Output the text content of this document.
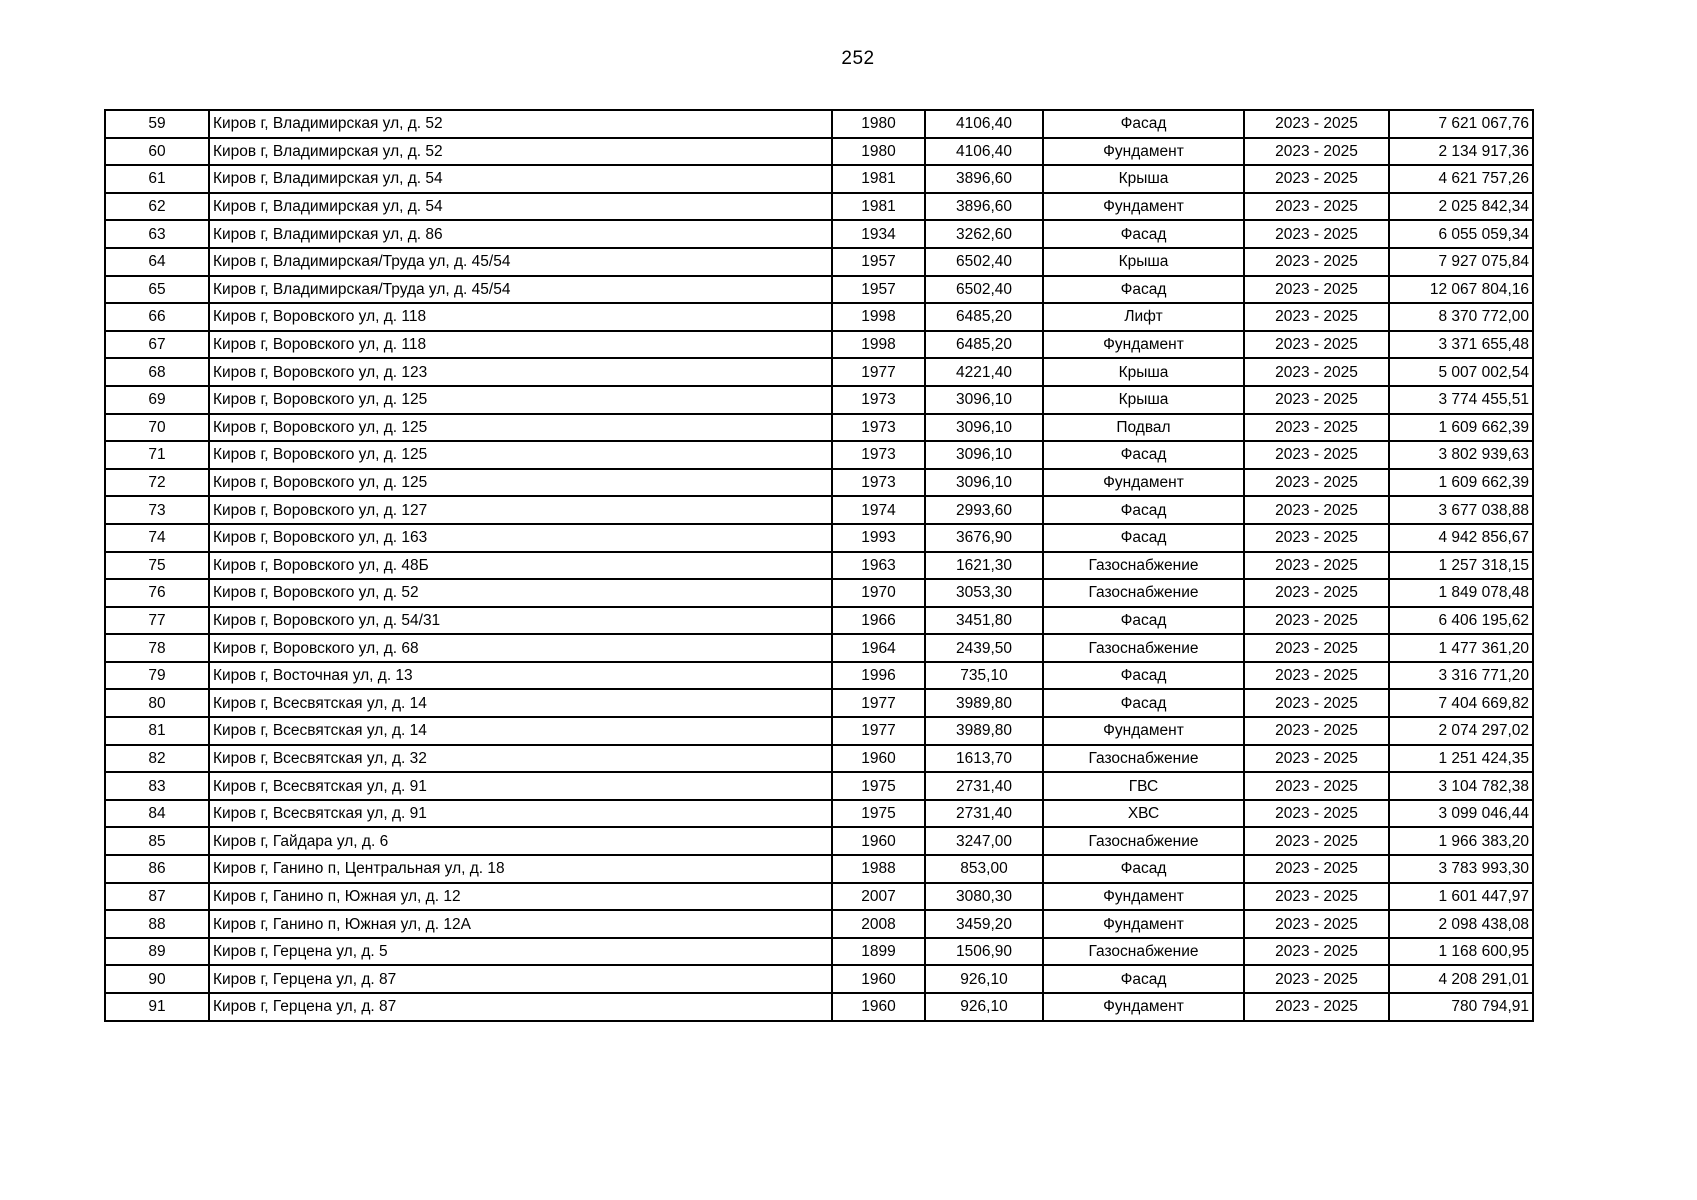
252
59	Киров г, Владимирская ул, д. 52	1980	4106,40	Фасад	2023 - 2025	7 621 067,76
60	Киров г, Владимирская ул, д. 52	1980	4106,40	Фундамент	2023 - 2025	2 134 917,36
61	Киров г, Владимирская ул, д. 54	1981	3896,60	Крыша	2023 - 2025	4 621 757,26
62	Киров г, Владимирская ул, д. 54	1981	3896,60	Фундамент	2023 - 2025	2 025 842,34
63	Киров г, Владимирская ул, д. 86	1934	3262,60	Фасад	2023 - 2025	6 055 059,34
64	Киров г, Владимирская/Труда ул, д. 45/54	1957	6502,40	Крыша	2023 - 2025	7 927 075,84
65	Киров г, Владимирская/Труда ул, д. 45/54	1957	6502,40	Фасад	2023 - 2025	12 067 804,16
66	Киров г, Воровского ул, д. 118	1998	6485,20	Лифт	2023 - 2025	8 370 772,00
67	Киров г, Воровского ул, д. 118	1998	6485,20	Фундамент	2023 - 2025	3 371 655,48
68	Киров г, Воровского ул, д. 123	1977	4221,40	Крыша	2023 - 2025	5 007 002,54
69	Киров г, Воровского ул, д. 125	1973	3096,10	Крыша	2023 - 2025	3 774 455,51
70	Киров г, Воровского ул, д. 125	1973	3096,10	Подвал	2023 - 2025	1 609 662,39
71	Киров г, Воровского ул, д. 125	1973	3096,10	Фасад	2023 - 2025	3 802 939,63
72	Киров г, Воровского ул, д. 125	1973	3096,10	Фундамент	2023 - 2025	1 609 662,39
73	Киров г, Воровского ул, д. 127	1974	2993,60	Фасад	2023 - 2025	3 677 038,88
74	Киров г, Воровского ул, д. 163	1993	3676,90	Фасад	2023 - 2025	4 942 856,67
75	Киров г, Воровского ул, д. 48Б	1963	1621,30	Газоснабжение	2023 - 2025	1 257 318,15
76	Киров г, Воровского ул, д. 52	1970	3053,30	Газоснабжение	2023 - 2025	1 849 078,48
77	Киров г, Воровского ул, д. 54/31	1966	3451,80	Фасад	2023 - 2025	6 406 195,62
78	Киров г, Воровского ул, д. 68	1964	2439,50	Газоснабжение	2023 - 2025	1 477 361,20
79	Киров г, Восточная ул, д. 13	1996	735,10	Фасад	2023 - 2025	3 316 771,20
80	Киров г, Всесвятская ул, д. 14	1977	3989,80	Фасад	2023 - 2025	7 404 669,82
81	Киров г, Всесвятская ул, д. 14	1977	3989,80	Фундамент	2023 - 2025	2 074 297,02
82	Киров г, Всесвятская ул, д. 32	1960	1613,70	Газоснабжение	2023 - 2025	1 251 424,35
83	Киров г, Всесвятская ул, д. 91	1975	2731,40	ГВС	2023 - 2025	3 104 782,38
84	Киров г, Всесвятская ул, д. 91	1975	2731,40	ХВС	2023 - 2025	3 099 046,44
85	Киров г, Гайдара ул, д. 6	1960	3247,00	Газоснабжение	2023 - 2025	1 966 383,20
86	Киров г, Ганино п, Центральная ул, д. 18	1988	853,00	Фасад	2023 - 2025	3 783 993,30
87	Киров г, Ганино п, Южная ул, д. 12	2007	3080,30	Фундамент	2023 - 2025	1 601 447,97
88	Киров г, Ганино п, Южная ул, д. 12А	2008	3459,20	Фундамент	2023 - 2025	2 098 438,08
89	Киров г, Герцена ул, д. 5	1899	1506,90	Газоснабжение	2023 - 2025	1 168 600,95
90	Киров г, Герцена ул, д. 87	1960	926,10	Фасад	2023 - 2025	4 208 291,01
91	Киров г, Герцена ул, д. 87	1960	926,10	Фундамент	2023 - 2025	780 794,91
